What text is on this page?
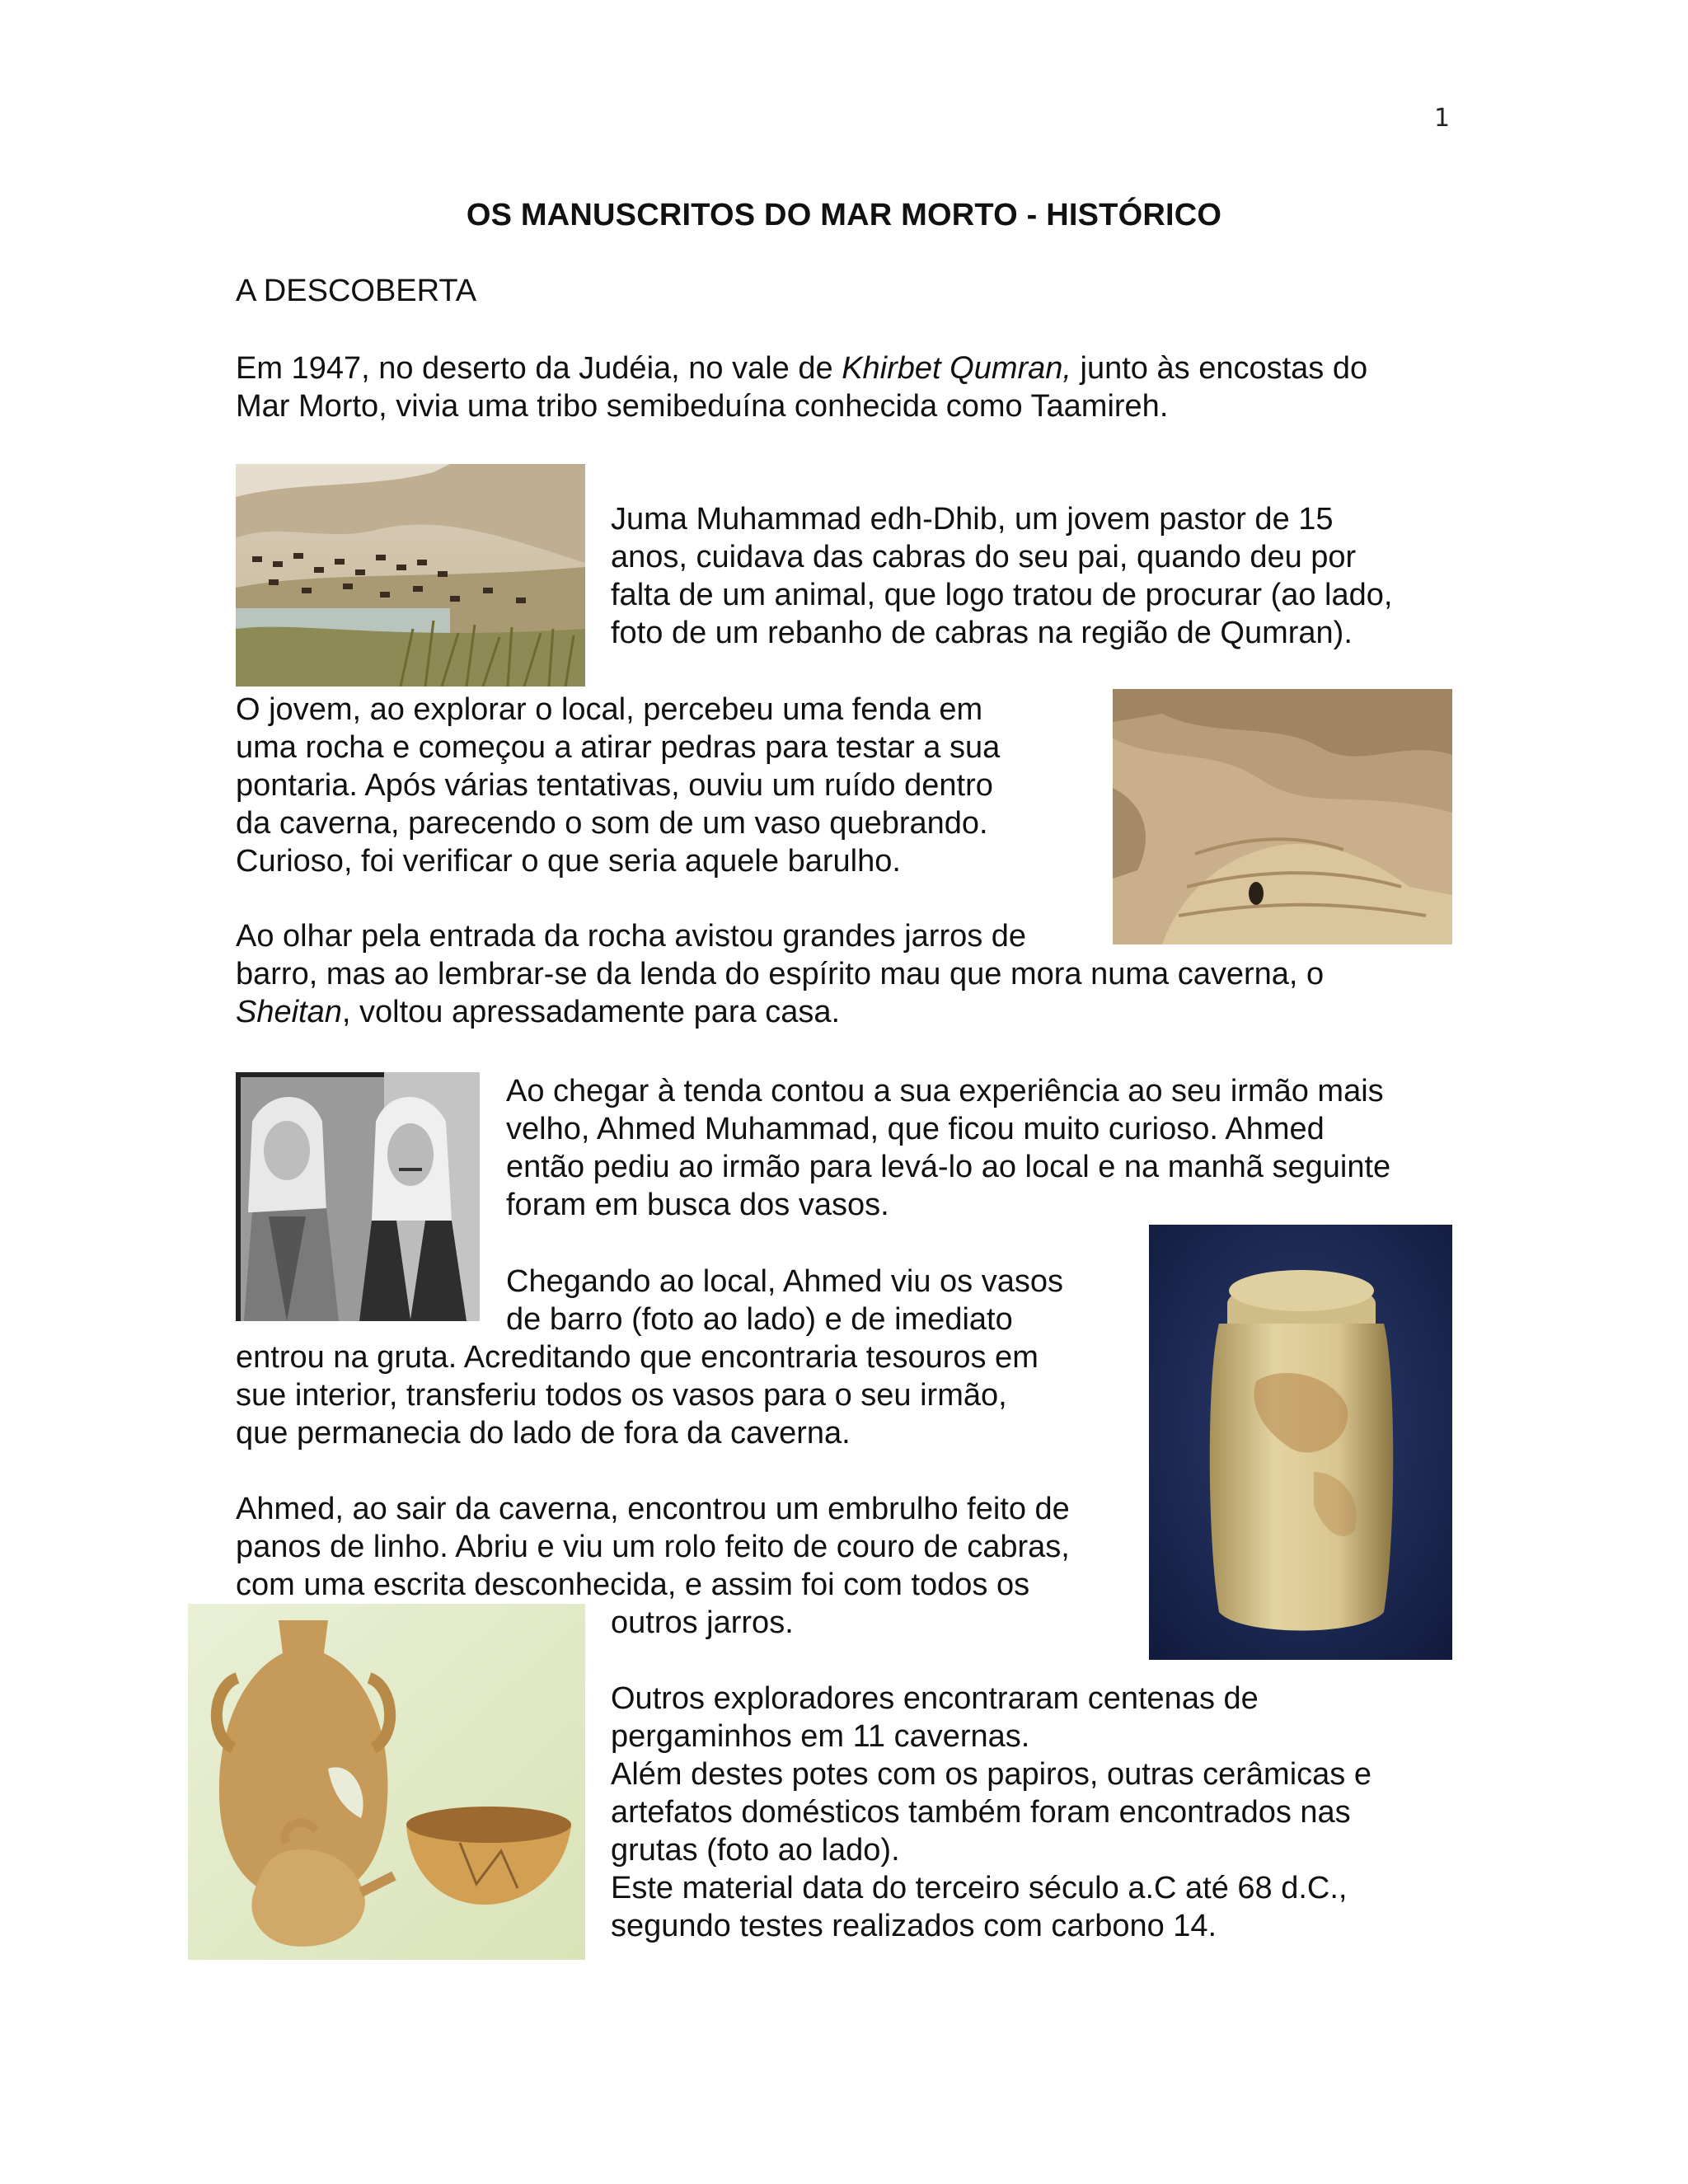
1
OS MANUSCRITOS DO MAR MORTO - HISTÓRICO
A DESCOBERTA
Em 1947, no deserto da Judéia, no vale de Khirbet Qumran, junto às encostas do
Mar Morto, vivia uma tribo semibeduína conhecida como Taamireh.
Juma Muhammad edh-Dhib, um jovem pastor de 15
anos, cuidava das cabras do seu pai, quando deu por
falta de um animal, que logo tratou de procurar (ao lado,
foto de um rebanho de cabras na região de Qumran).
O jovem, ao explorar o local, percebeu uma fenda em
uma rocha e começou a atirar pedras para testar a sua
pontaria. Após várias tentativas, ouviu um ruído dentro
da caverna, parecendo o som de um vaso quebrando.
Curioso, foi verificar o que seria aquele barulho.
Ao olhar pela entrada da rocha avistou grandes jarros de
barro, mas ao lembrar-se da lenda do espírito mau que mora numa caverna, o
Sheitan, voltou apressadamente para casa.
Ao chegar à tenda contou a sua experiência ao seu irmão mais
velho, Ahmed Muhammad, que ficou muito curioso. Ahmed
então pediu ao irmão para levá-lo ao local e na manhã seguinte
foram em busca dos vasos.
Chegando ao local, Ahmed viu os vasos
de barro (foto ao lado) e de imediato
entrou na gruta. Acreditando que encontraria tesouros em
sue interior, transferiu todos os vasos para o seu irmão,
que permanecia do lado de fora da caverna.
Ahmed, ao sair da caverna, encontrou um embrulho feito de
panos de linho. Abriu e viu um rolo feito de couro de cabras,
com uma escrita desconhecida, e assim foi com todos os
outros jarros.
Outros exploradores encontraram centenas de
pergaminhos em 11 cavernas.
Além destes potes com os papiros, outras cerâmicas e
artefatos domésticos também foram encontrados nas
grutas (foto ao lado).
Este material data do terceiro século a.C até 68 d.C.,
segundo testes realizados com carbono 14.
